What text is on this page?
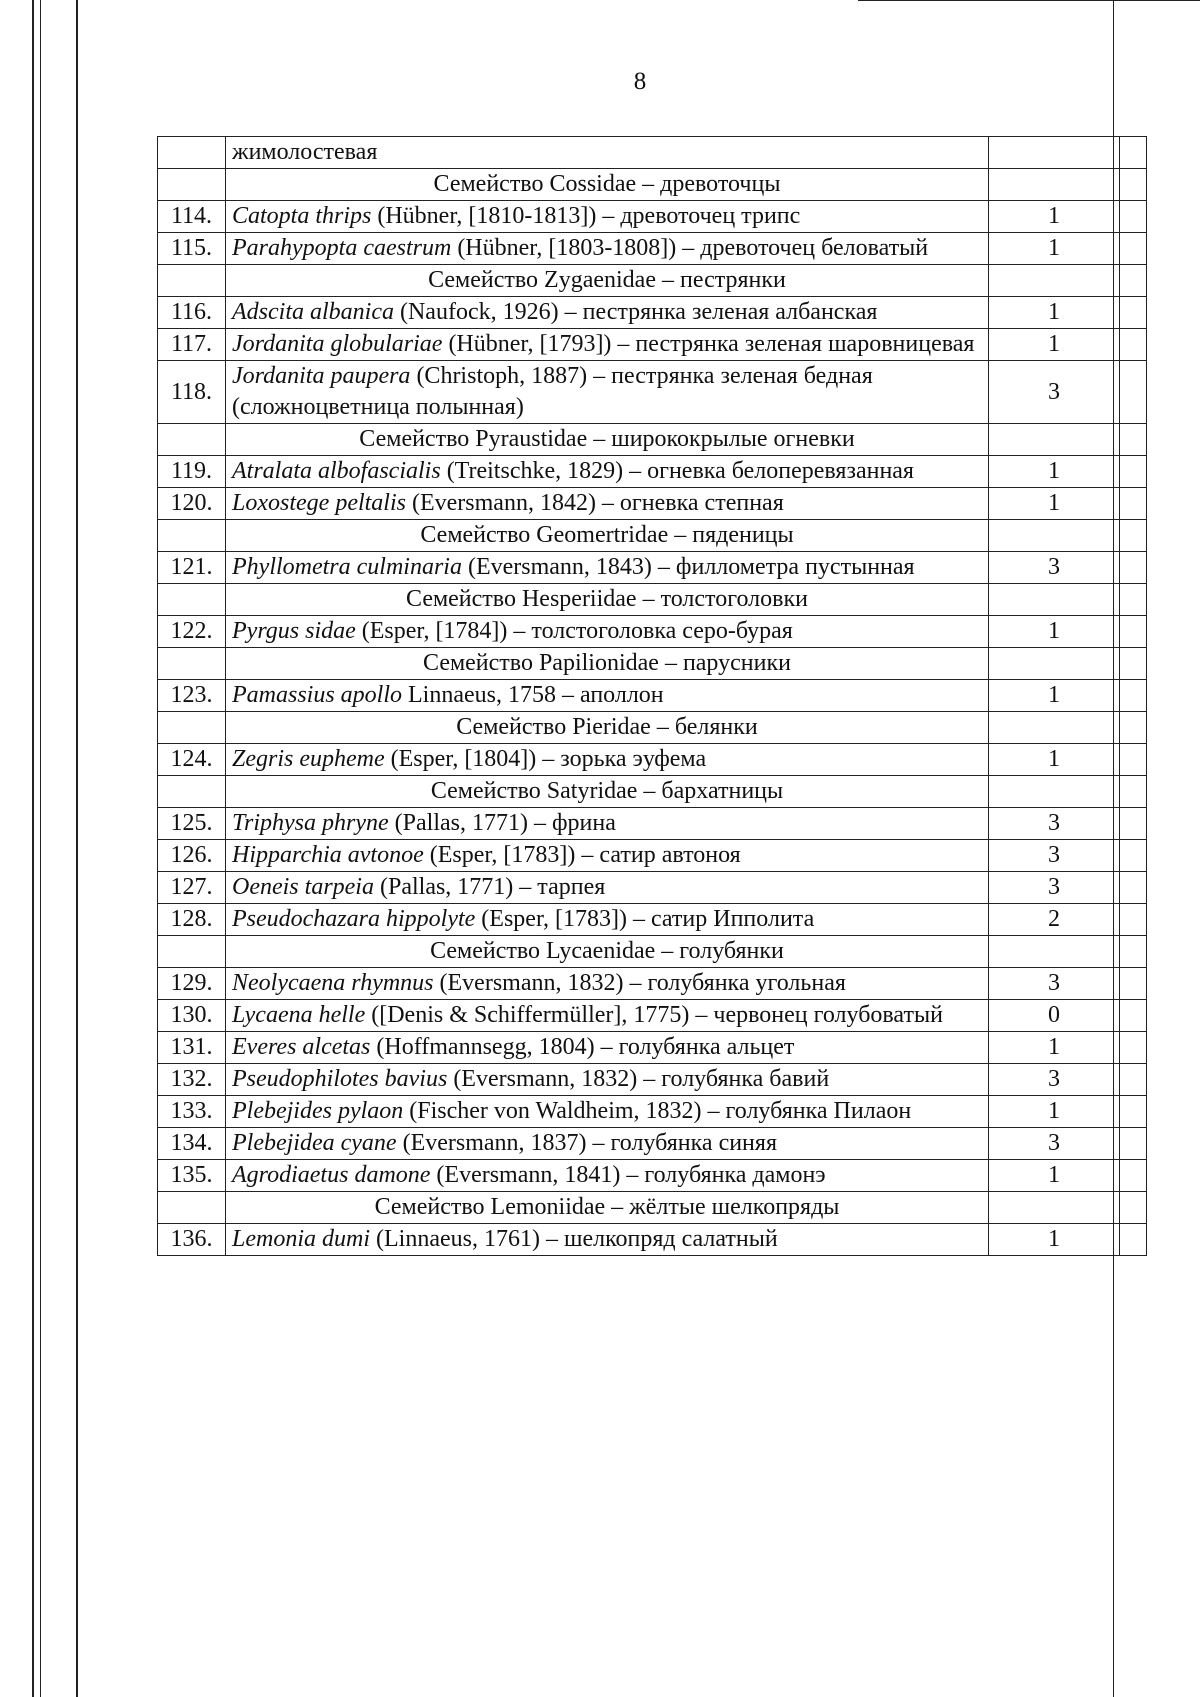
8
	жимолостевая		
	Семейство Cossidae – древоточцы		
114.	Catopta thrips (Hübner, [1810-1813]) – древоточец трипс	1	
115.	Parahypopta caestrum (Hübner, [1803-1808]) – древоточец беловатый	1	
	Семейство Zygaenidae – пестрянки		
116.	Adscita albanica (Naufock, 1926) – пестрянка зеленая албанская	1	
117.	Jordanita globulariae (Hübner, [1793]) – пестрянка зеленая шаровницевая	1	
118.	Jordanita paupera (Christoph, 1887) – пестрянка зеленая бедная (сложноцветница полынная)	3	
	Семейство Pyraustidae – ширококрылые огневки		
119.	Atralata albofascialis (Treitschke, 1829) – огневка белоперевязанная	1	
120.	Loxostege peltalis (Eversmann, 1842) – огневка степная	1	
	Семейство Geomertridae – пяденицы		
121.	Phyllometra culminaria (Eversmann, 1843) – филлометра пустынная	3	
	Семейство Hesperiidae – толстоголовки		
122.	Pyrgus sidae (Esper, [1784]) – толстоголовка серо-бурая	1	
	Семейство Papilionidae – парусники		
123.	Pamassius apollo Linnaeus, 1758 – аполлон	1	
	Семейство Pieridae – белянки		
124.	Zegris eupheme (Esper, [1804]) – зорька эуфема	1	
	Семейство Satyridae – бархатницы		
125.	Triphysa phryne (Pallas, 1771) – фрина	3	
126.	Hipparchia avtonoe (Esper, [1783]) – сатир автоноя	3	
127.	Oeneis tarpeia (Pallas, 1771) – тарпея	3	
128.	Pseudochazara hippolyte (Esper, [1783]) – сатир Ипполита	2	
	Семейство Lycaenidae – голубянки		
129.	Neolycaena rhymnus (Eversmann, 1832) – голубянка угольная	3	
130.	Lycaena helle ([Denis & Schiffermüller], 1775) – червонец голубоватый	0	
131.	Everes alcetas (Hoffmannsegg, 1804) – голубянка альцет	1	
132.	Pseudophilotes bavius (Eversmann, 1832) – голубянка бавий	3	
133.	Plebejides pylaon (Fischer von Waldheim, 1832) – голубянка Пилаон	1	
134.	Plebejidea cyane (Eversmann, 1837) – голубянка синяя	3	
135.	Agrodiaetus damone (Eversmann, 1841) – голубянка дамонэ	1	
	Семейство Lemoniidae – жёлтые шелкопряды		
136.	Lemonia dumi (Linnaeus, 1761) – шелкопряд салатный	1	
